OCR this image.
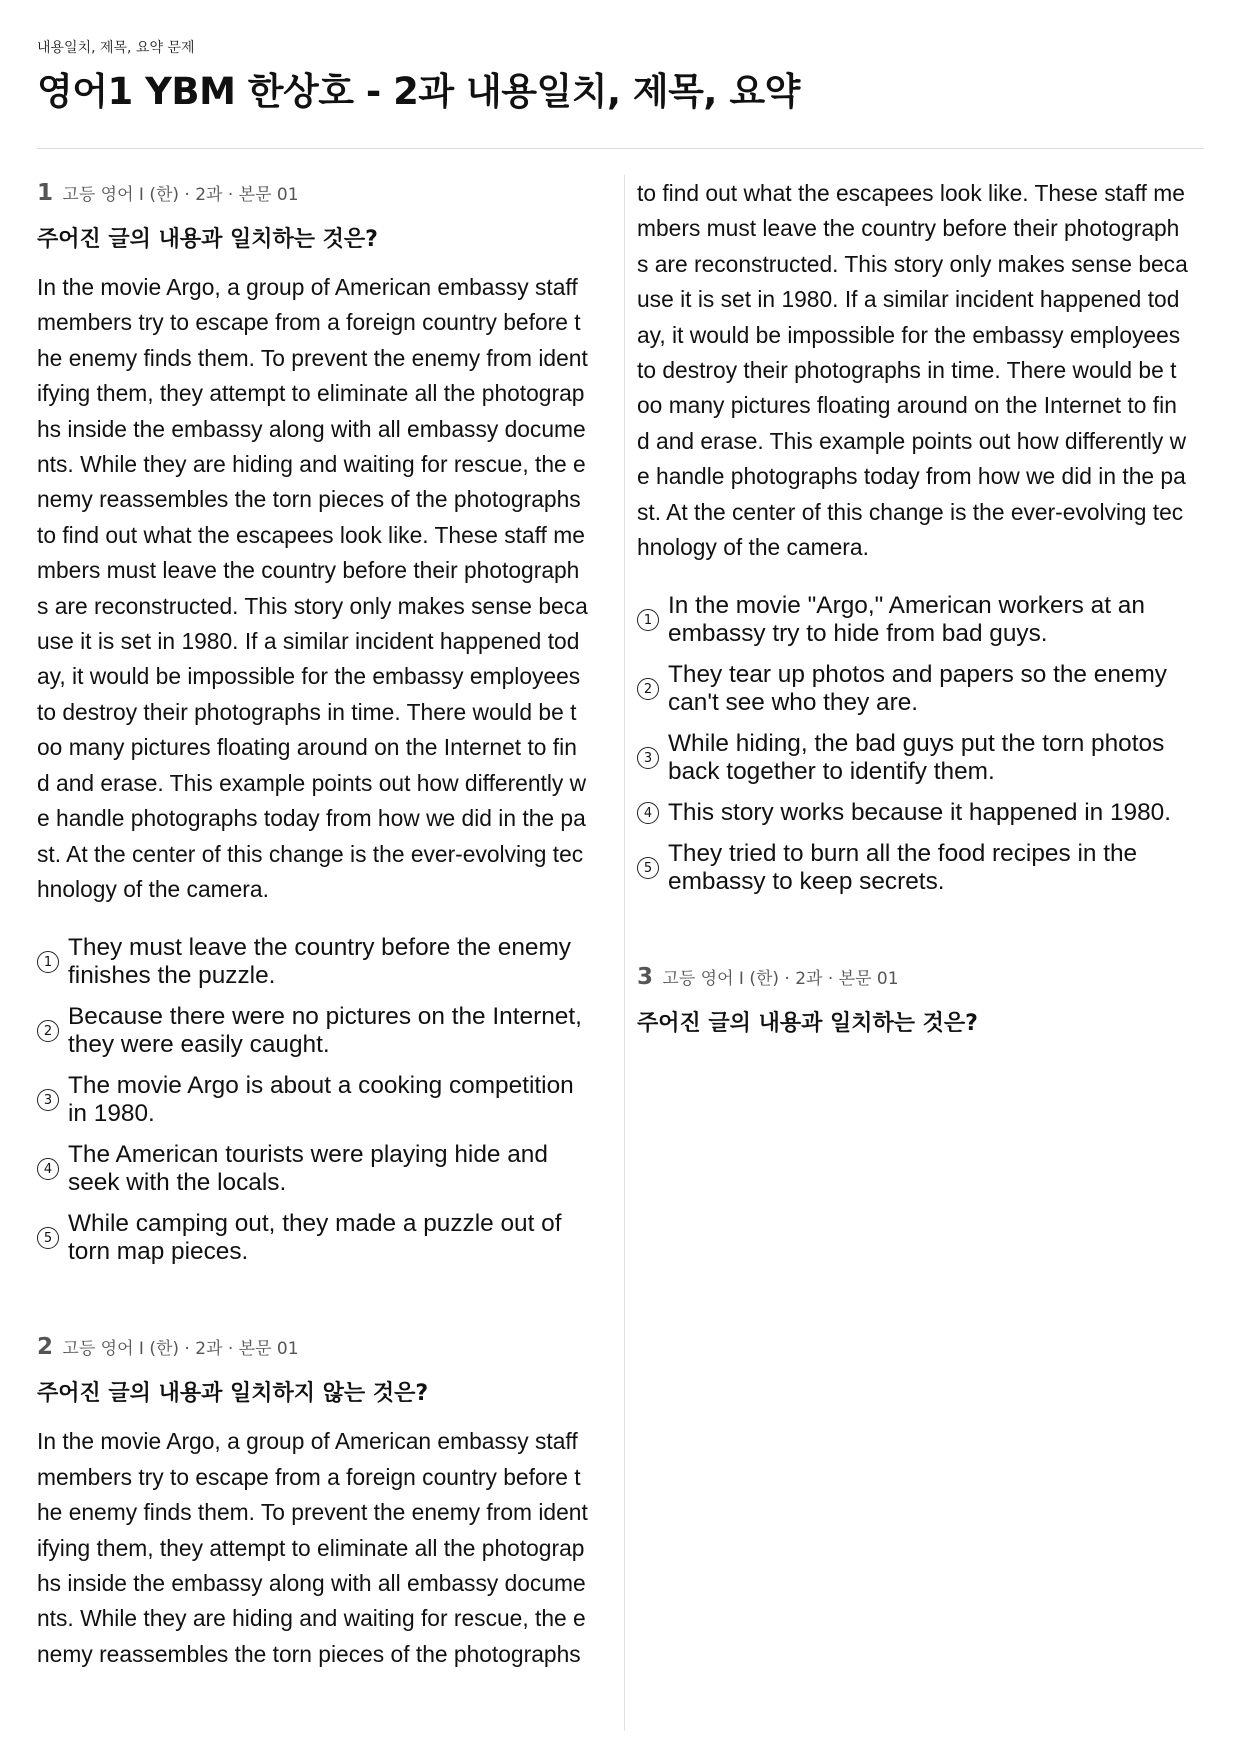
내용일치, 제목, 요약 문제
영어1 YBM 한상호 - 2과 내용일치, 제목, 요약
1 고등 영어 I (한) · 2과 · 본문 01
주어진 글의 내용과 일치하는 것은?
In the movie Argo, a group of American embassy staff
members try to escape from a foreign country before t
he enemy finds them. To prevent the enemy from ident
ifying them, they attempt to eliminate all the photograp
hs inside the embassy along with all embassy docume
nts. While they are hiding and waiting for rescue, the e
nemy reassembles the torn pieces of the photographs
to find out what the escapees look like. These staff me
mbers must leave the country before their photograph
s are reconstructed. This story only makes sense beca
use it is set in 1980. If a similar incident happened tod
ay, it would be impossible for the embassy employees
to destroy their photographs in time. There would be t
oo many pictures floating around on the Internet to fin
d and erase. This example points out how differently w
e handle photographs today from how we did in the pa
st. At the center of this change is the ever-evolving tec
hnology of the camera.
1
They must leave the country before the enemy
finishes the puzzle.
2
Because there were no pictures on the Internet,
they were easily caught.
3
The movie Argo is about a cooking competition
in 1980.
4
The American tourists were playing hide and
seek with the locals.
5
While camping out, they made a puzzle out of
torn map pieces.
2 고등 영어 I (한) · 2과 · 본문 01
주어진 글의 내용과 일치하지 않는 것은?
In the movie Argo, a group of American embassy staff
members try to escape from a foreign country before t
he enemy finds them. To prevent the enemy from ident
ifying them, they attempt to eliminate all the photograp
hs inside the embassy along with all embassy docume
nts. While they are hiding and waiting for rescue, the e
nemy reassembles the torn pieces of the photographs
to find out what the escapees look like. These staff me
mbers must leave the country before their photograph
s are reconstructed. This story only makes sense beca
use it is set in 1980. If a similar incident happened tod
ay, it would be impossible for the embassy employees
to destroy their photographs in time. There would be t
oo many pictures floating around on the Internet to fin
d and erase. This example points out how differently w
e handle photographs today from how we did in the pa
st. At the center of this change is the ever-evolving tec
hnology of the camera.
1
In the movie "Argo," American workers at an
embassy try to hide from bad guys.
2
They tear up photos and papers so the enemy
can't see who they are.
3
While hiding, the bad guys put the torn photos
back together to identify them.
4 This story works because it happened in 1980.
5
They tried to burn all the food recipes in the
embassy to keep secrets.
3 고등 영어 I (한) · 2과 · 본문 01
주어진 글의 내용과 일치하는 것은?
